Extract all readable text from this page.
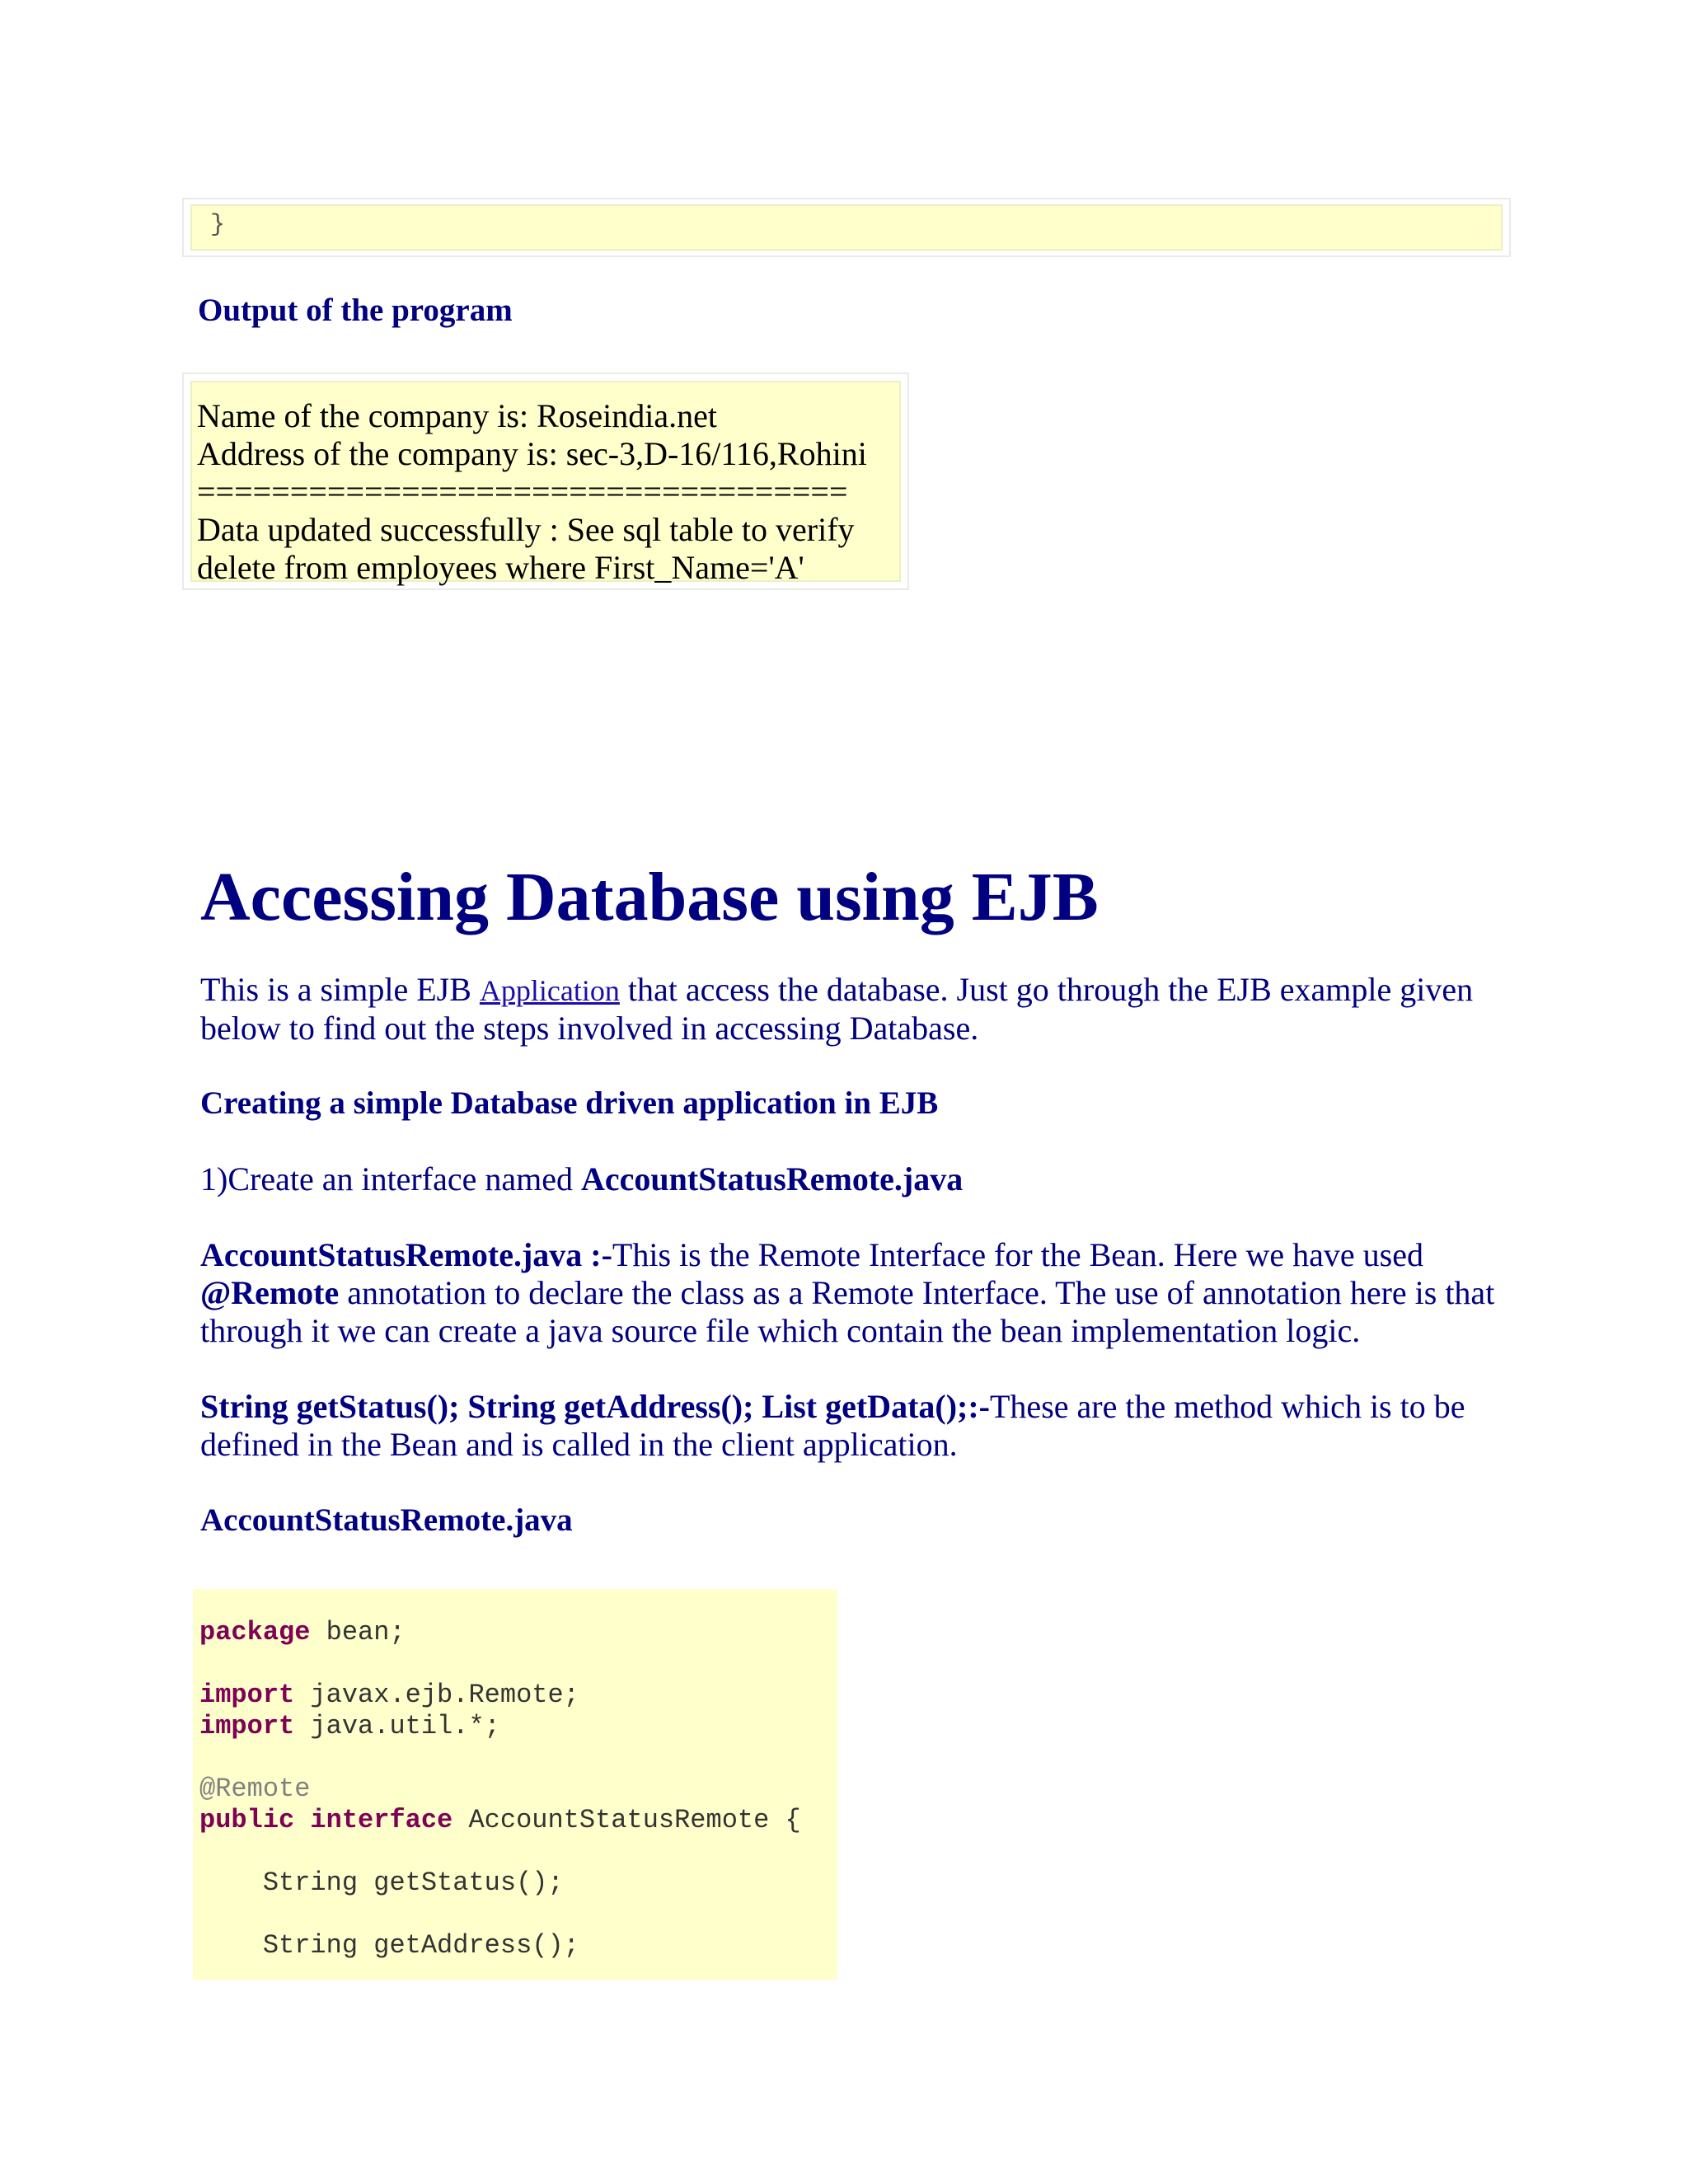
}
Output of the program
Name of the company is: Roseindia.net
Address of the company is: sec-3,D-16/116,Rohini
===================================
Data updated successfully : See sql table to verify
delete from employees where First_Name='A'
Accessing Database using EJB
This is a simple EJB Application that access the database. Just go through the EJB example given below to find out the steps involved in accessing Database.
Creating a simple Database driven application in EJB
1)Create an interface named AccountStatusRemote.java
AccountStatusRemote.java :-This is the Remote Interface for the Bean. Here we have used @Remote annotation to declare the class as a Remote Interface. The use of annotation here is that through it we can create a java source file which contain the bean implementation logic.
String getStatus(); String getAddress(); List getData();:-These are the method which is to be defined in the Bean and is called in the client application.
AccountStatusRemote.java
package bean;

import javax.ejb.Remote;
import java.util.*;

@Remote
public interface AccountStatusRemote {

String getStatus();

String getAddress();
